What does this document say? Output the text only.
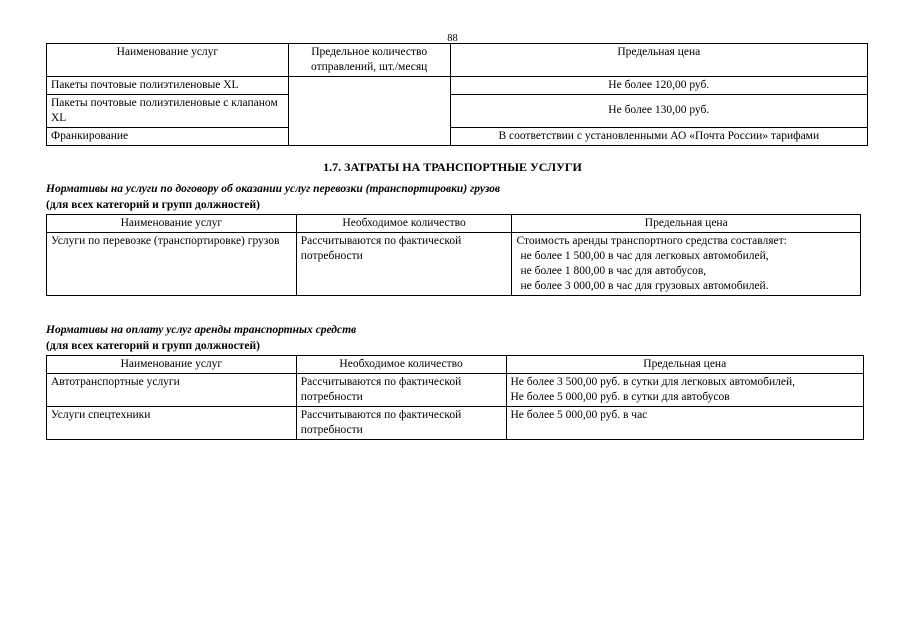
88
Наименование услуг	Предельное количество отправлений, шт./месяц	Предельная цена
Пакеты почтовые полиэтиленовые XL		Не более 120,00 руб.
Пакеты почтовые полиэтиленовые с клапаном XL		Не более 130,00 руб.
Франкирование		В соответствии с установленными АО «Почта России» тарифами
1.7. ЗАТРАТЫ НА ТРАНСПОРТНЫЕ УСЛУГИ
Нормативы на услуги по договору об оказании услуг перевозки (транспортировки) грузов
(для всех категорий и групп должностей)
Наименование услуг	Необходимое количество	Предельная цена
Услуги по перевозке (транспортировке) грузов	Рассчитываются по фактической потребности	Стоимость аренды транспортного средства составляет:
не более 1 500,00 в час для легковых автомобилей,
не более 1 800,00 в час для автобусов,
не более 3 000,00 в час для грузовых автомобилей.
Нормативы на оплату услуг аренды транспортных средств
(для всех категорий и групп должностей)
Наименование услуг	Необходимое количество	Предельная цена
Автотранспортные услуги	Рассчитываются по фактической потребности	Не более 3 500,00 руб. в сутки для легковых автомобилей,
Не более 5 000,00 руб. в сутки для автобусов

Услуги спецтехники	Рассчитываются по фактической потребности	Не более 5 000,00 руб. в час
